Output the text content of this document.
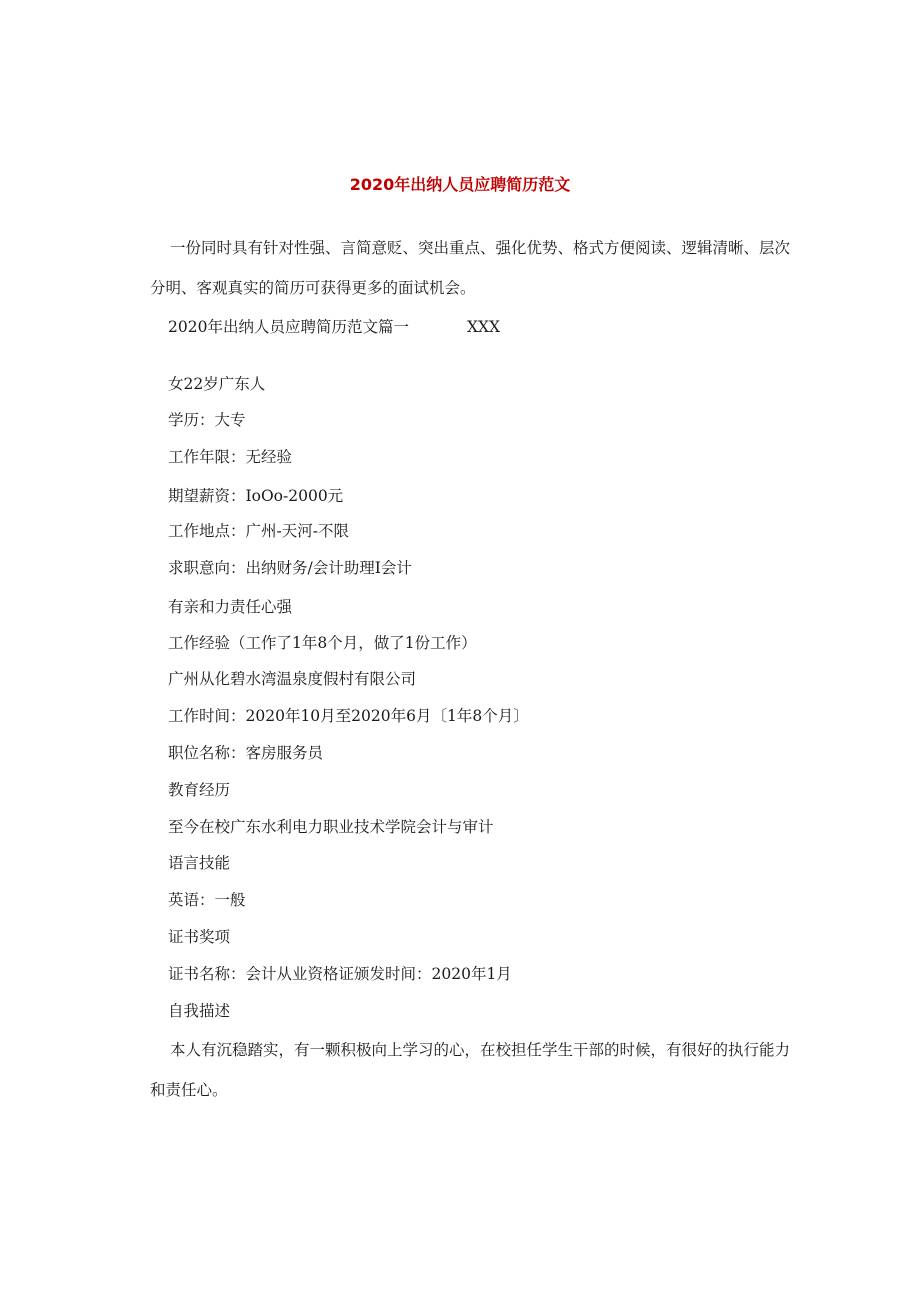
2020年出纳人员应聘简历范文
一份同时具有针对性强、言简意贬、突出重点、强化优势、格式方便阅读、逻辑清晰、层次分明、客观真实的简历可获得更多的面试机会。
2020年出纳人员应聘简历范文篇一	XXX
女22岁广东人
学历：大专
工作年限：无经验
期望薪资：IoOo-2000元
工作地点：广州-天河-不限
求职意向：出纳财务/会计助理I会计
有亲和力责任心强
工作经验（工作了1年8个月，做了1份工作）
广州从化碧水湾温泉度假村有限公司
工作时间：2020年10月至2020年6月〔1年8个月〕
职位名称：客房服务员
教育经历
至今在校广东水利电力职业技术学院会计与审计
语言技能
英语：一般
证书奖项
证书名称：会计从业资格证颁发时间：2020年1月
自我描述
本人有沉稳踏实，有一颗积极向上学习的心，在校担任学生干部的时候，有很好的执行能力和责任心。
